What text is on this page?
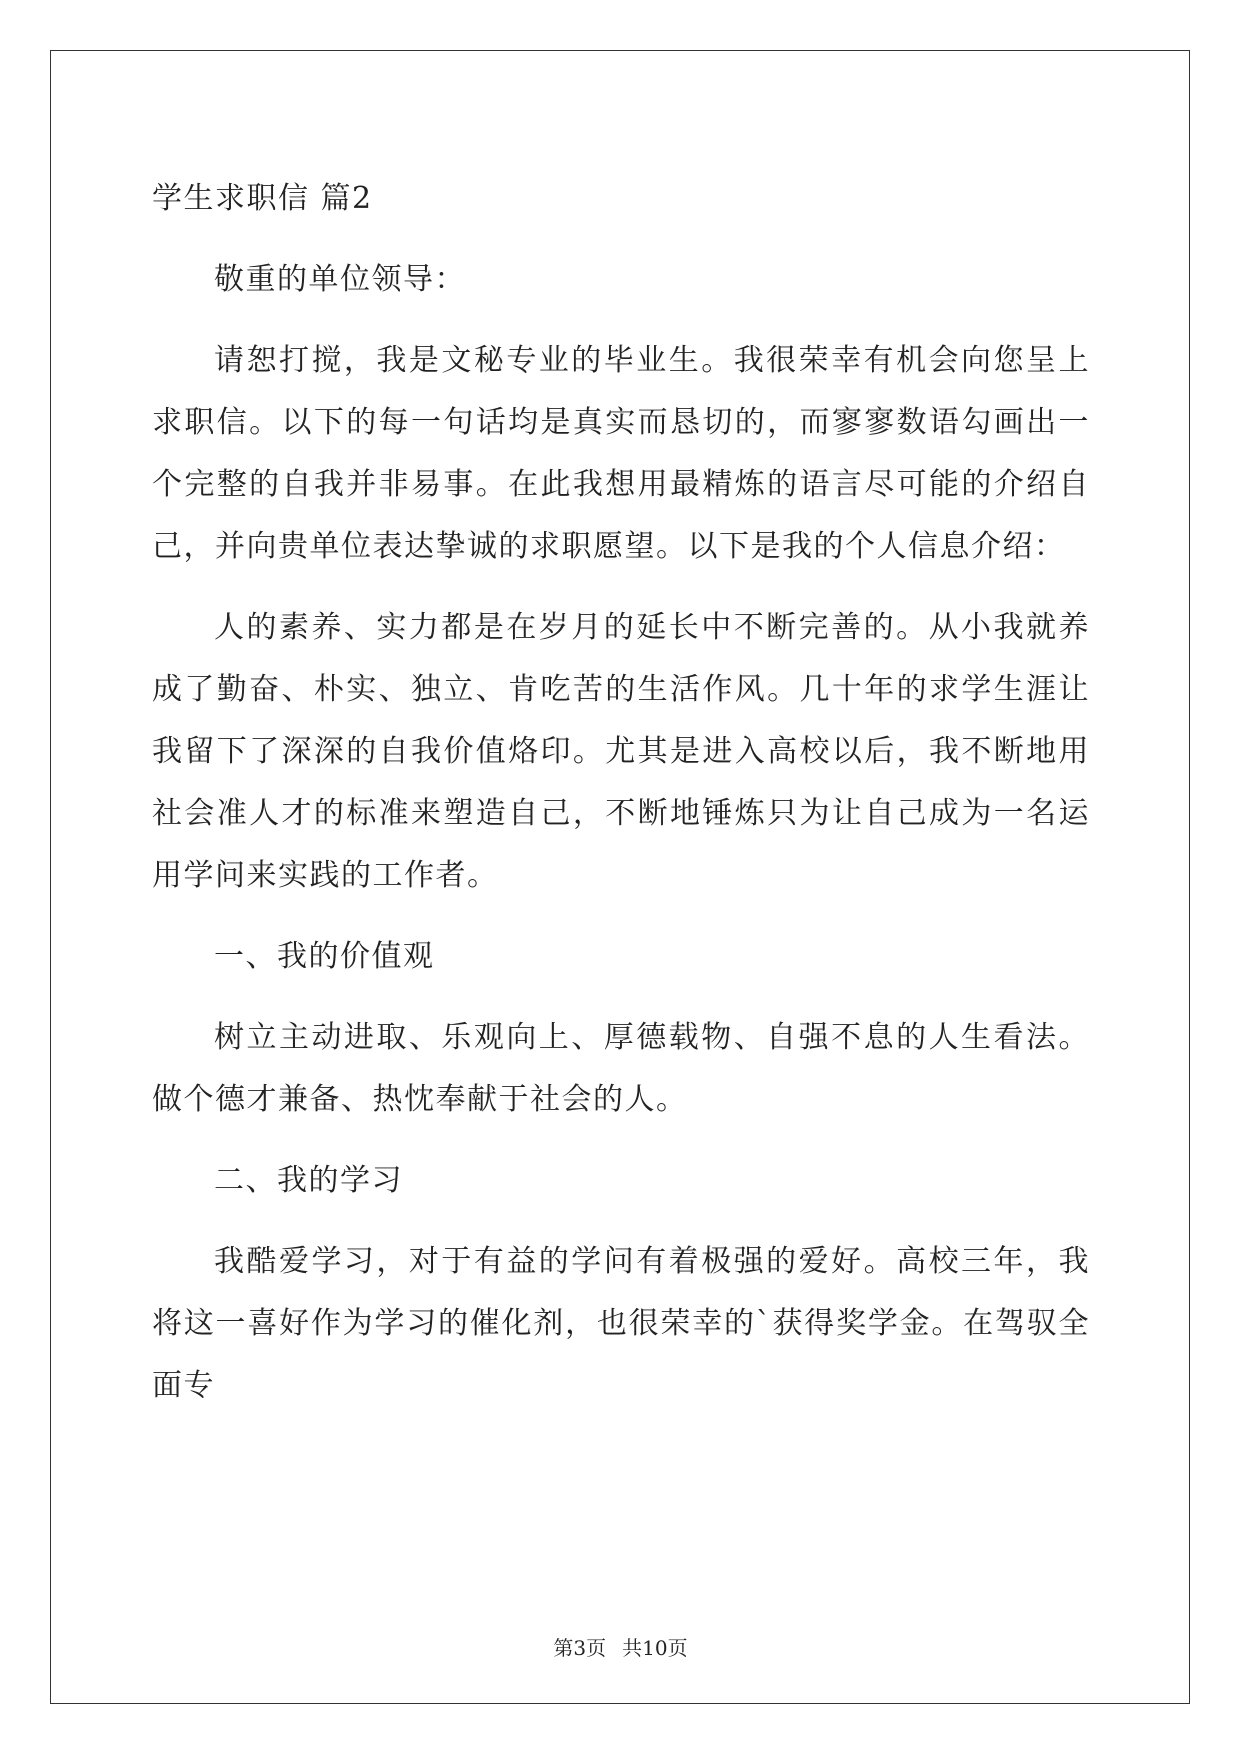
学生求职信 篇2

敬重的单位领导：

请恕打搅，我是文秘专业的毕业生。我很荣幸有机会向您呈上求职信。以下的每一句话均是真实而恳切的，而寥寥数语勾画出一个完整的自我并非易事。在此我想用最精炼的语言尽可能的介绍自己，并向贵单位表达挚诚的求职愿望。以下是我的个人信息介绍：

人的素养、实力都是在岁月的延长中不断完善的。从小我就养成了勤奋、朴实、独立、肯吃苦的生活作风。几十年的求学生涯让我留下了深深的自我价值烙印。尤其是进入高校以后，我不断地用社会准人才的标准来塑造自己，不断地锤炼只为让自己成为一名运用学问来实践的工作者。

一、我的价值观

树立主动进取、乐观向上、厚德载物、自强不息的人生看法。做个德才兼备、热忱奉献于社会的人。

二、我的学习

我酷爱学习，对于有益的学问有着极强的爱好。高校三年，我将这一喜好作为学习的催化剂，也很荣幸的`获得奖学金。在驾驭全面专

第3页 共10页
